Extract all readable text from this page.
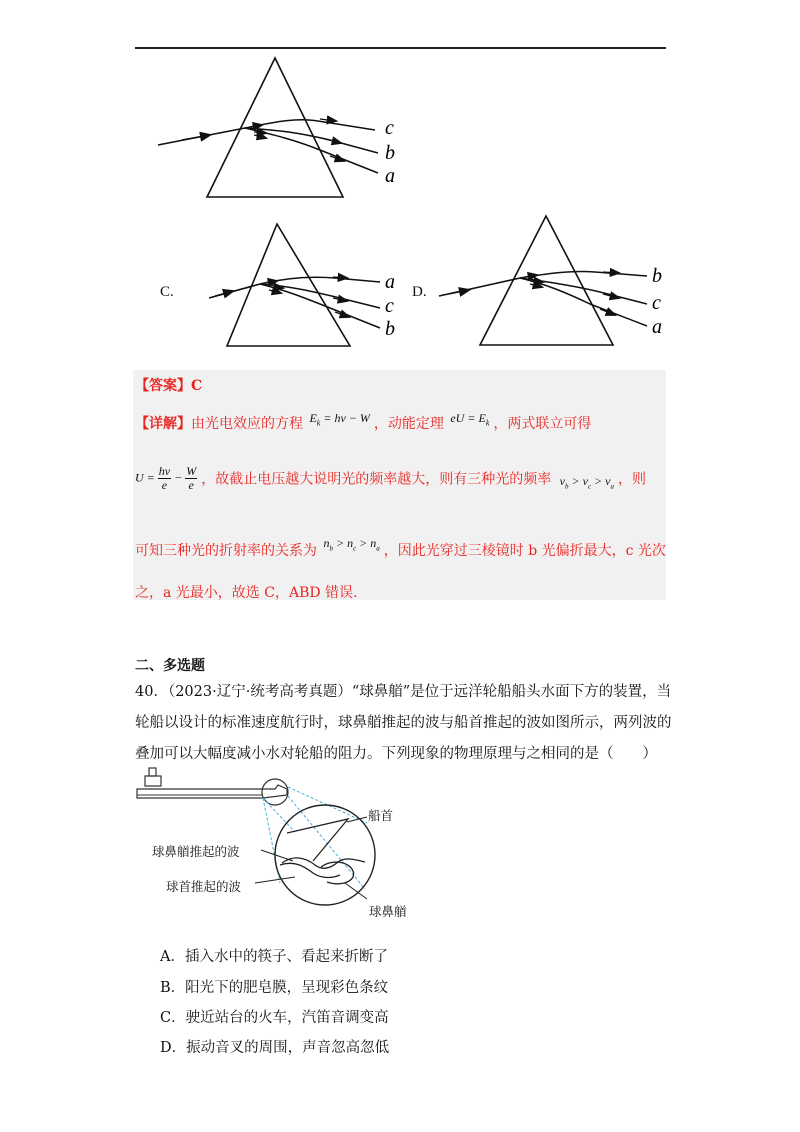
c
b
a
C.	a
c
b
D.
b
c
a
【答案】C
【详解】由光电效应的方程 $E_k = h\nu - W$ ，动能定理 eU = $E_k$ ，两式联立可得
$U = \frac{h\nu}{e} - \frac{W}{e}$ ，故截止电压越大说明光的频率越大，则有三种光的频率 $\nu_b > \nu_c > \nu_a$ ，则
可知三种光的折射率的关系为 $n_b > n_c > n_a$ ，因此光穿过三棱镜时 b 光偏折最大，c 光次
之，a 光最小，故选 C，ABD 错误.
二、多选题
40．（2023·辽宁·统考高考真题）“球鼻艏”是位于远洋轮船船头水面下方的装置，当
轮船以设计的标准速度航行时，球鼻艏推起的波与船首推起的波如图所示，两列波的
叠加可以大幅度减小水对轮船的阻力。下列现象的物理原理与之相同的是（　　）
船首
球鼻艏推起的波
球首推起的波
球鼻艏
A．插入水中的筷子、看起来折断了
B．阳光下的肥皂膜，呈现彩色条纹
C．驶近站台的火车，汽笛音调变高
D．振动音叉的周围，声音忽高忽低
